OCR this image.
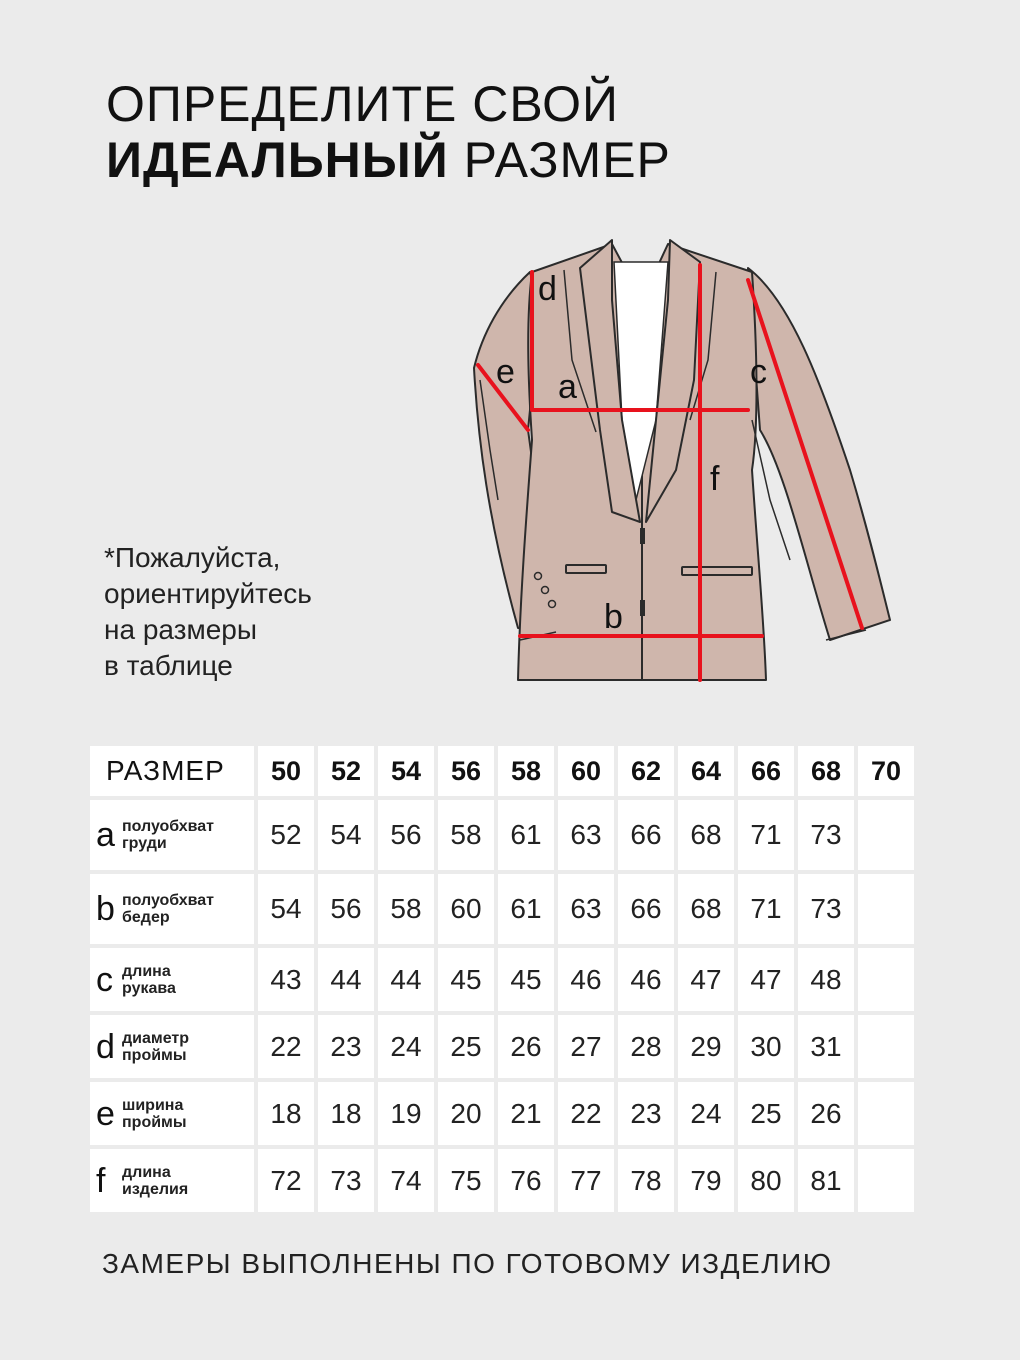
ОПРЕДЕЛИТЕ СВОЙ
ИДЕАЛЬНЫЙ РАЗМЕР
*Пожалуйста,
ориентируйтесь
на размеры
в таблице
d
e a	c
f
b
РАЗМЕР	50	52	54	56	58	60	62	64	66	68	70

a полуобхват
груди	52	54	56	58	61	63	66	68	71	73	

b полуобхват
бедер	54	56	58	60	61	63	66	68	71	73	

c длина
рукава	43	44	44	45	45	46	46	47	47	48	

d диаметр
проймы	22	23	24	25	26	27	28	29	30	31	

e ширина
проймы	18	18	19	20	21	22	23	24	25	26	

f длина
изделия	72	73	74	75	76	77	78	79	80	81	
ЗАМЕРЫ ВЫПОЛНЕНЫ ПО ГОТОВОМУ ИЗДЕЛИЮ
